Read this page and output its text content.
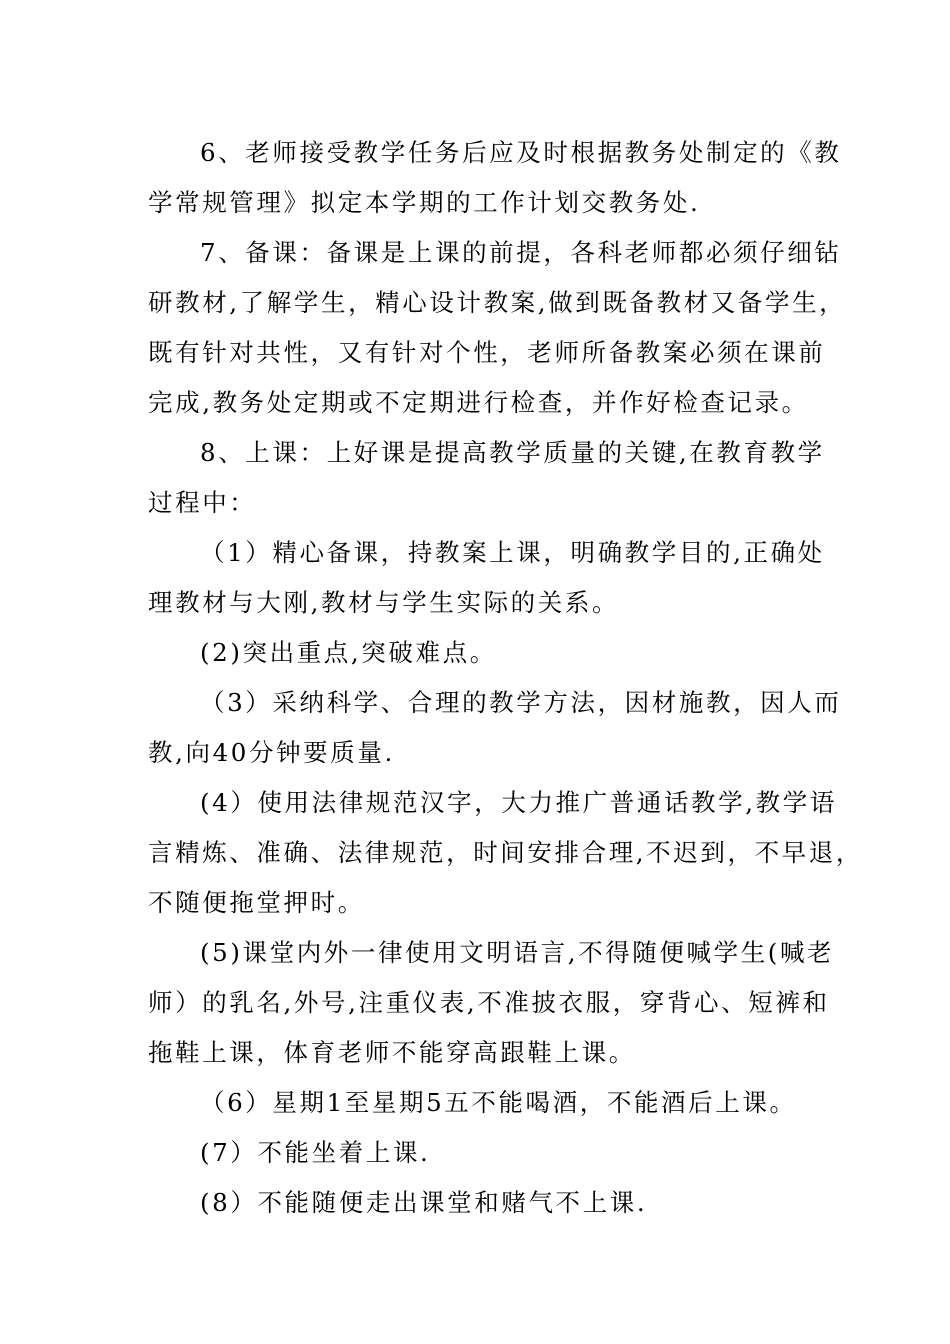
6、老师接受教学任务后应及时根据教务处制定的《教
学常规管理》拟定本学期的工作计划交教务处.
7、备课：备课是上课的前提，各科老师都必须仔细钻
研教材,了解学生，精心设计教案,做到既备教材又备学生，
既有针对共性，又有针对个性，老师所备教案必须在课前
完成,教务处定期或不定期进行检查，并作好检查记录。
8、上课：上好课是提高教学质量的关键,在教育教学
过程中：
（1）精心备课，持教案上课，明确教学目的,正确处
理教材与大刚,教材与学生实际的关系。
(2)突出重点,突破难点。
（3）采纳科学、合理的教学方法，因材施教，因人而
教,向40分钟要质量.
(4）使用法律规范汉字，大力推广普通话教学,教学语
言精炼、准确、法律规范，时间安排合理,不迟到，不早退，
不随便拖堂押时。
(5)课堂内外一律使用文明语言,不得随便喊学生(喊老
师）的乳名,外号,注重仪表,不准披衣服，穿背心、短裤和
拖鞋上课，体育老师不能穿高跟鞋上课。
（6）星期1至星期5五不能喝酒，不能酒后上课。
(7）不能坐着上课.
(8）不能随便走出课堂和赌气不上课.
